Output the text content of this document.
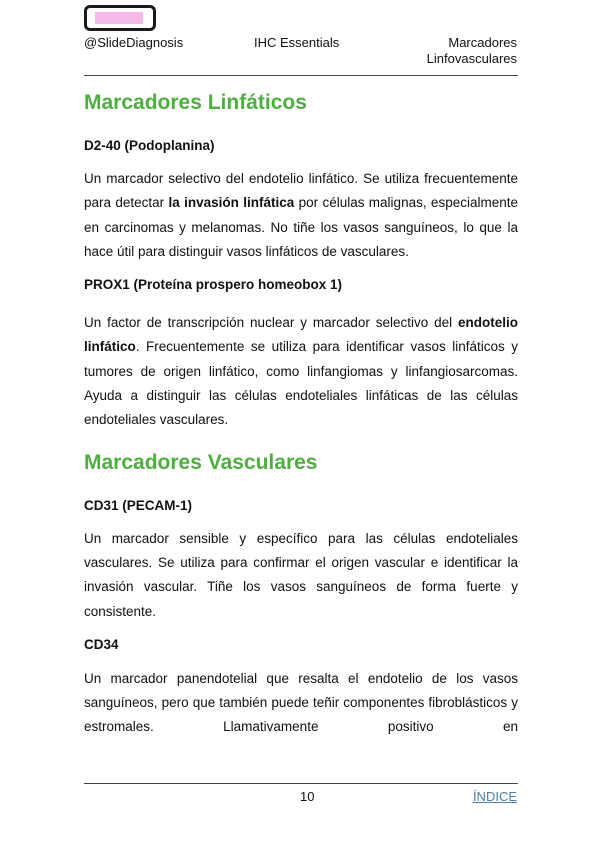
@SlideDiagnosis	IHC Essentials	Marcadores
Linfovasculares
Marcadores Linfáticos
D2-40 (Podoplanina)

Un marcador selectivo del endotelio linfático. Se utiliza frecuentemente para detectar la invasión linfática por células malignas, especialmente en carcinomas y melanomas. No tiñe los vasos sanguíneos, lo que la hace útil para distinguir vasos linfáticos de vasculares.

PROX1 (Proteína prospero homeobox 1)

Un factor de transcripción nuclear y marcador selectivo del endotelio linfático. Frecuentemente se utiliza para identificar vasos linfáticos y tumores de origen linfático, como linfangiomas y linfangiosarcomas. Ayuda a distinguir las células endoteliales linfáticas de las células endoteliales vasculares.

Marcadores Vasculares
CD31 (PECAM-1)

Un marcador sensible y específico para las células endoteliales vasculares. Se utiliza para confirmar el origen vascular e identificar la invasión vascular. Tiñe los vasos sanguíneos de forma fuerte y consistente.

CD34

Un marcador panendotelial que resalta el endotelio de los vasos sanguíneos, pero que también puede teñir componentes fibroblásticos y estromales. Llamativamente positivo en

10	ÍNDICE
